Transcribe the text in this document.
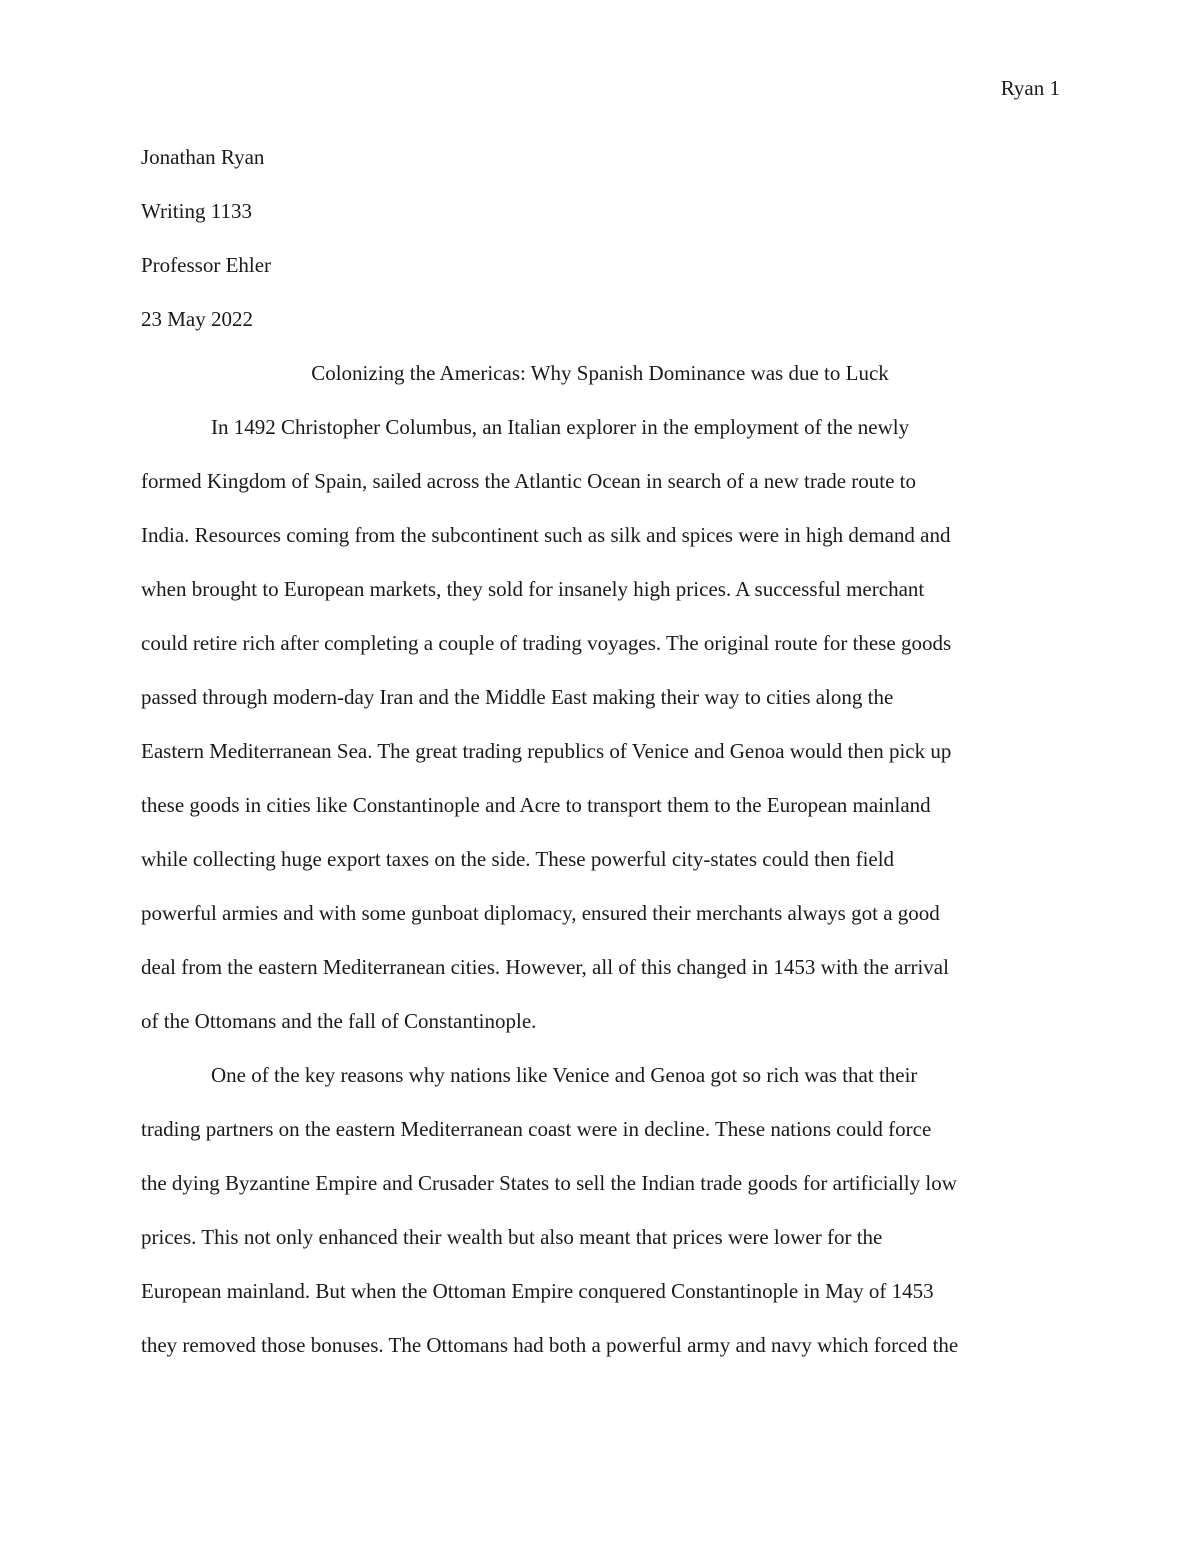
Ryan 1
Jonathan Ryan
Writing 1133
Professor Ehler
23 May 2022
Colonizing the Americas: Why Spanish Dominance was due to Luck
In 1492 Christopher Columbus, an Italian explorer in the employment of the newly
formed Kingdom of Spain, sailed across the Atlantic Ocean in search of a new trade route to
India. Resources coming from the subcontinent such as silk and spices were in high demand and
when brought to European markets, they sold for insanely high prices. A successful merchant
could retire rich after completing a couple of trading voyages. The original route for these goods
passed through modern-day Iran and the Middle East making their way to cities along the
Eastern Mediterranean Sea. The great trading republics of Venice and Genoa would then pick up
these goods in cities like Constantinople and Acre to transport them to the European mainland
while collecting huge export taxes on the side. These powerful city-states could then field
powerful armies and with some gunboat diplomacy, ensured their merchants always got a good
deal from the eastern Mediterranean cities. However, all of this changed in 1453 with the arrival
of the Ottomans and the fall of Constantinople.
One of the key reasons why nations like Venice and Genoa got so rich was that their
trading partners on the eastern Mediterranean coast were in decline. These nations could force
the dying Byzantine Empire and Crusader States to sell the Indian trade goods for artificially low
prices. This not only enhanced their wealth but also meant that prices were lower for the
European mainland. But when the Ottoman Empire conquered Constantinople in May of 1453
they removed those bonuses. The Ottomans had both a powerful army and navy which forced the
